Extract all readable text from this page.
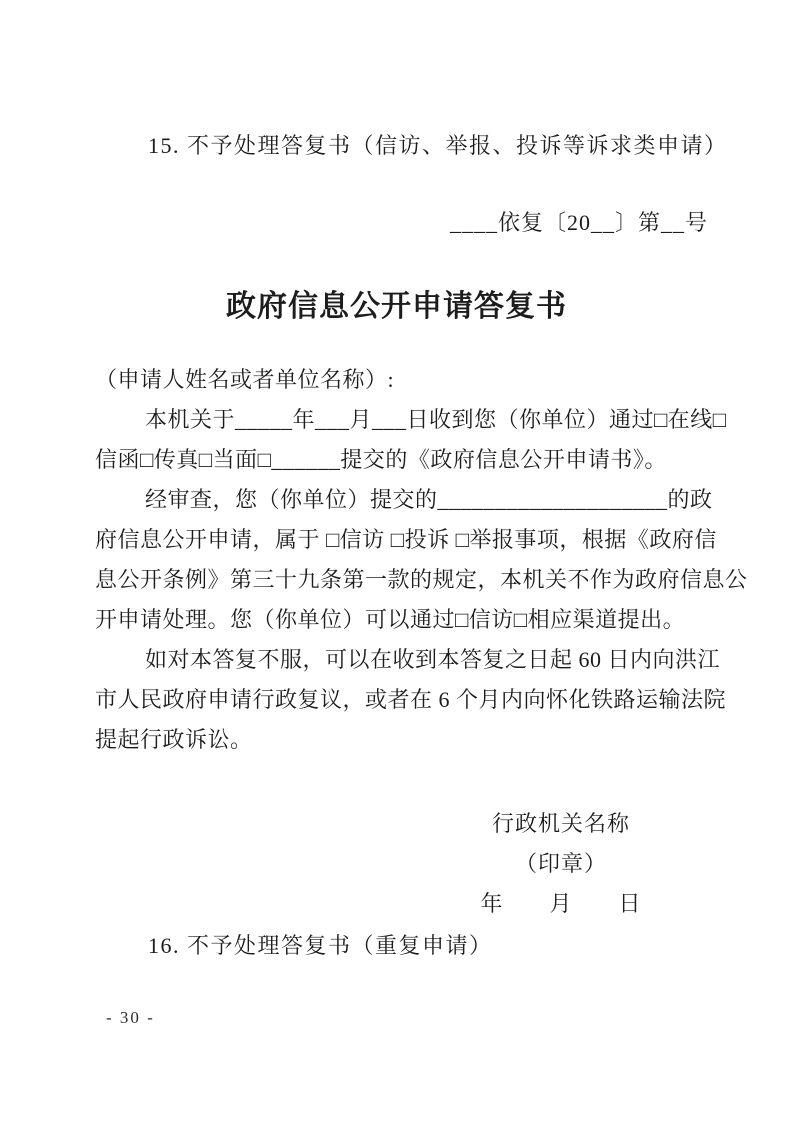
15. 不予处理答复书（信访、举报、投诉等诉求类申请）
____依复〔20__〕第__号
政府信息公开申请答复书

（申请人姓名或者单位名称）:

本机关于_____年___月___日收到您（你单位）通过□在线□

信函□传真□当面□______提交的《政府信息公开申请书》。

经审查，您（你单位）提交的____________________的政

府信息公开申请，属于 □信访 □投诉 □举报事项，根据《政府信

息公开条例》第三十九条第一款的规定，本机关不作为政府信息公

开申请处理。您（你单位）可以通过□信访□相应渠道提出。

如对本答复不服，可以在收到本答复之日起 60 日内向洪江

市人民政府申请行政复议，或者在 6 个月内向怀化铁路运输法院

提起行政诉讼。

行政机关名称

（印章）

年　　月　　日

16. 不予处理答复书（重复申请）
- 30 -
